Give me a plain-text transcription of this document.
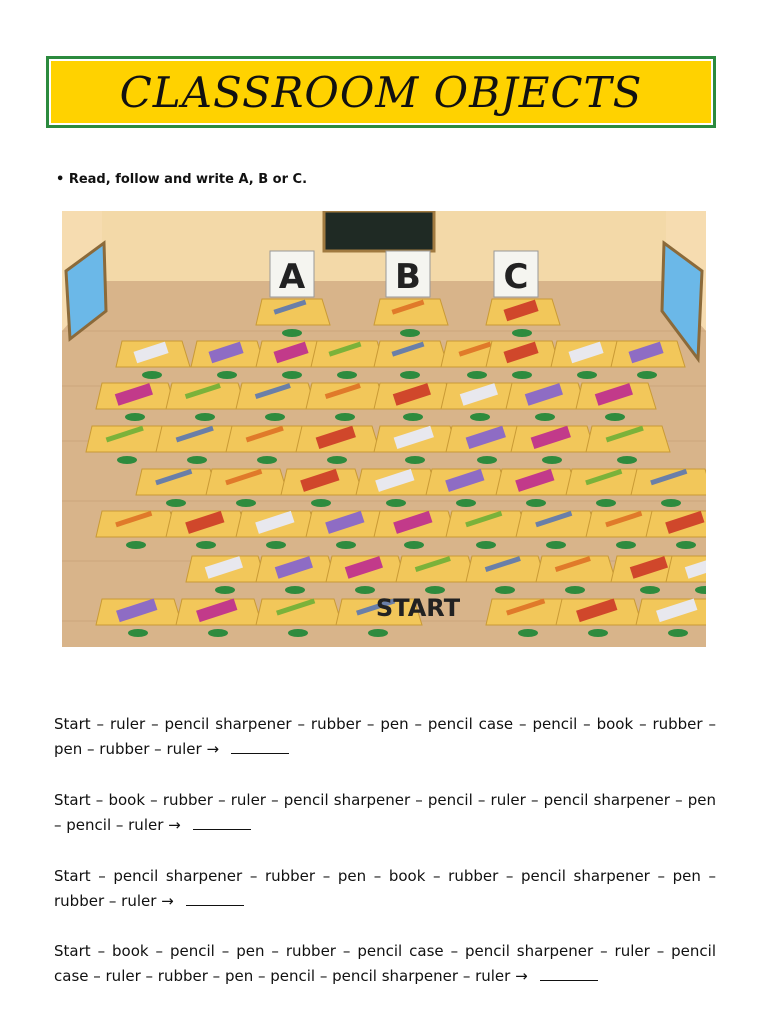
CLASSROOM OBJECTS
• Read, follow and write A, B or C.
A	B C
START
Start – ruler – pencil sharpener – rubber – pen – pencil case – pencil – book – rubber – pen – rubber – ruler →
Start – book – rubber – ruler – pencil sharpener – pencil – ruler – pencil sharpener – pen – pencil – ruler →
Start – pencil sharpener – rubber – pen – book – rubber – pencil sharpener – pen – rubber – ruler →
Start – book – pencil – pen – rubber – pencil case – pencil sharpener – ruler – pencil case – ruler – rubber – pen – pencil – pencil sharpener – ruler →
